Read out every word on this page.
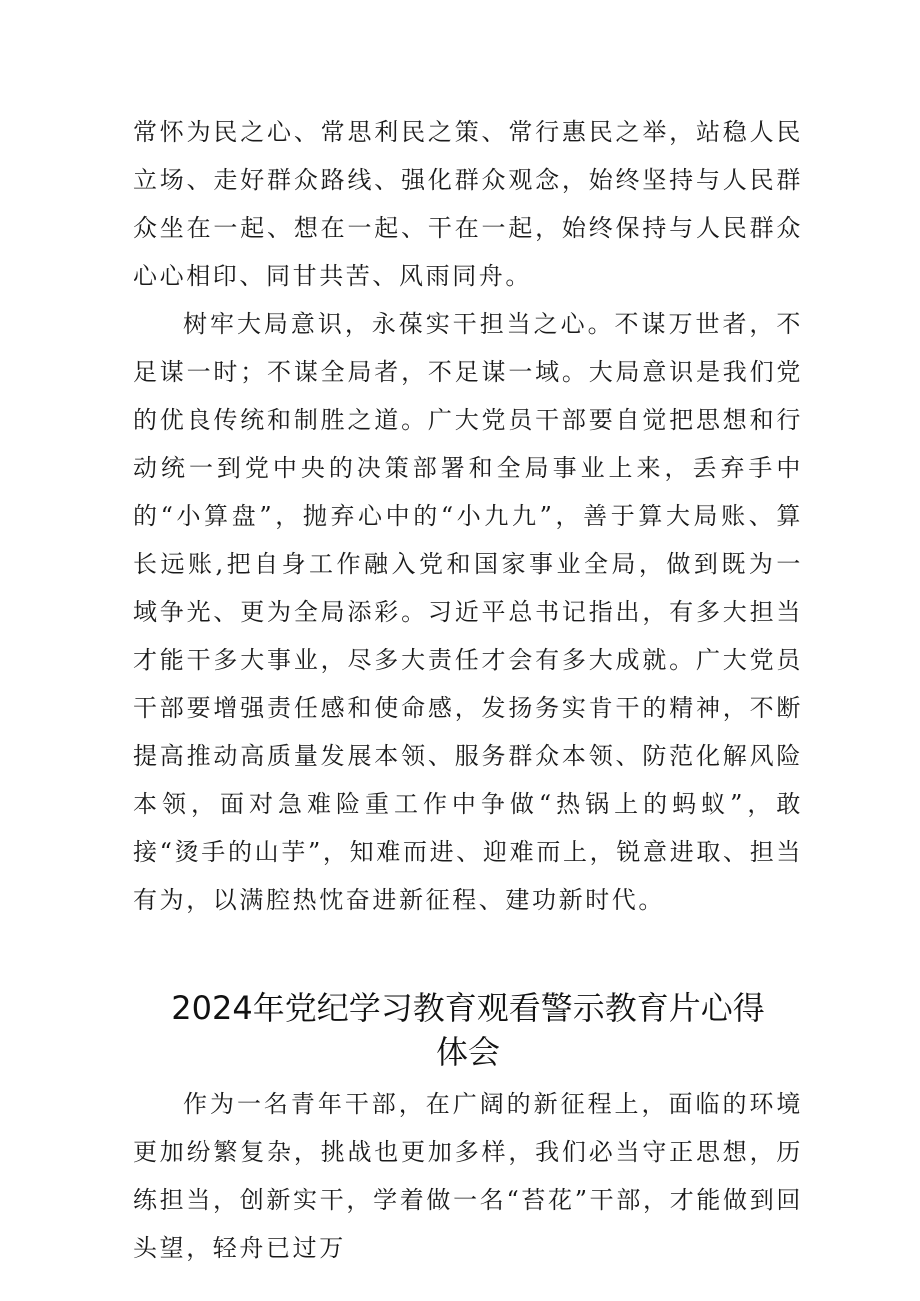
常怀为民之心、常思利民之策、常行惠民之举，站稳人民立场、走好群众路线、强化群众观念，始终坚持与人民群众坐在一起、想在一起、干在一起，始终保持与人民群众心心相印、同甘共苦、风雨同舟。

树牢大局意识，永葆实干担当之心。不谋万世者，不足谋一时；不谋全局者，不足谋一域。大局意识是我们党的优良传统和制胜之道。广大党员干部要自觉把思想和行动统一到党中央的决策部署和全局事业上来，丢弃手中的“小算盘”，抛弃心中的“小九九”，善于算大局账、算长远账,把自身工作融入党和国家事业全局，做到既为一域争光、更为全局添彩。习近平总书记指出，有多大担当才能干多大事业，尽多大责任才会有多大成就。广大党员干部要增强责任感和使命感，发扬务实肯干的精神，不断提高推动高质量发展本领、服务群众本领、防范化解风险本领，面对急难险重工作中争做“热锅上的蚂蚁”，敢接“烫手的山芋”，知难而进、迎难而上，锐意进取、担当有为，以满腔热忱奋进新征程、建功新时代。

2024年党纪学习教育观看警示教育片心得
体会

作为一名青年干部，在广阔的新征程上，面临的环境更加纷繁复杂，挑战也更加多样，我们必当守正思想，历练担当，创新实干，学着做一名“苔花”干部，才能做到回头望，轻舟已过万
